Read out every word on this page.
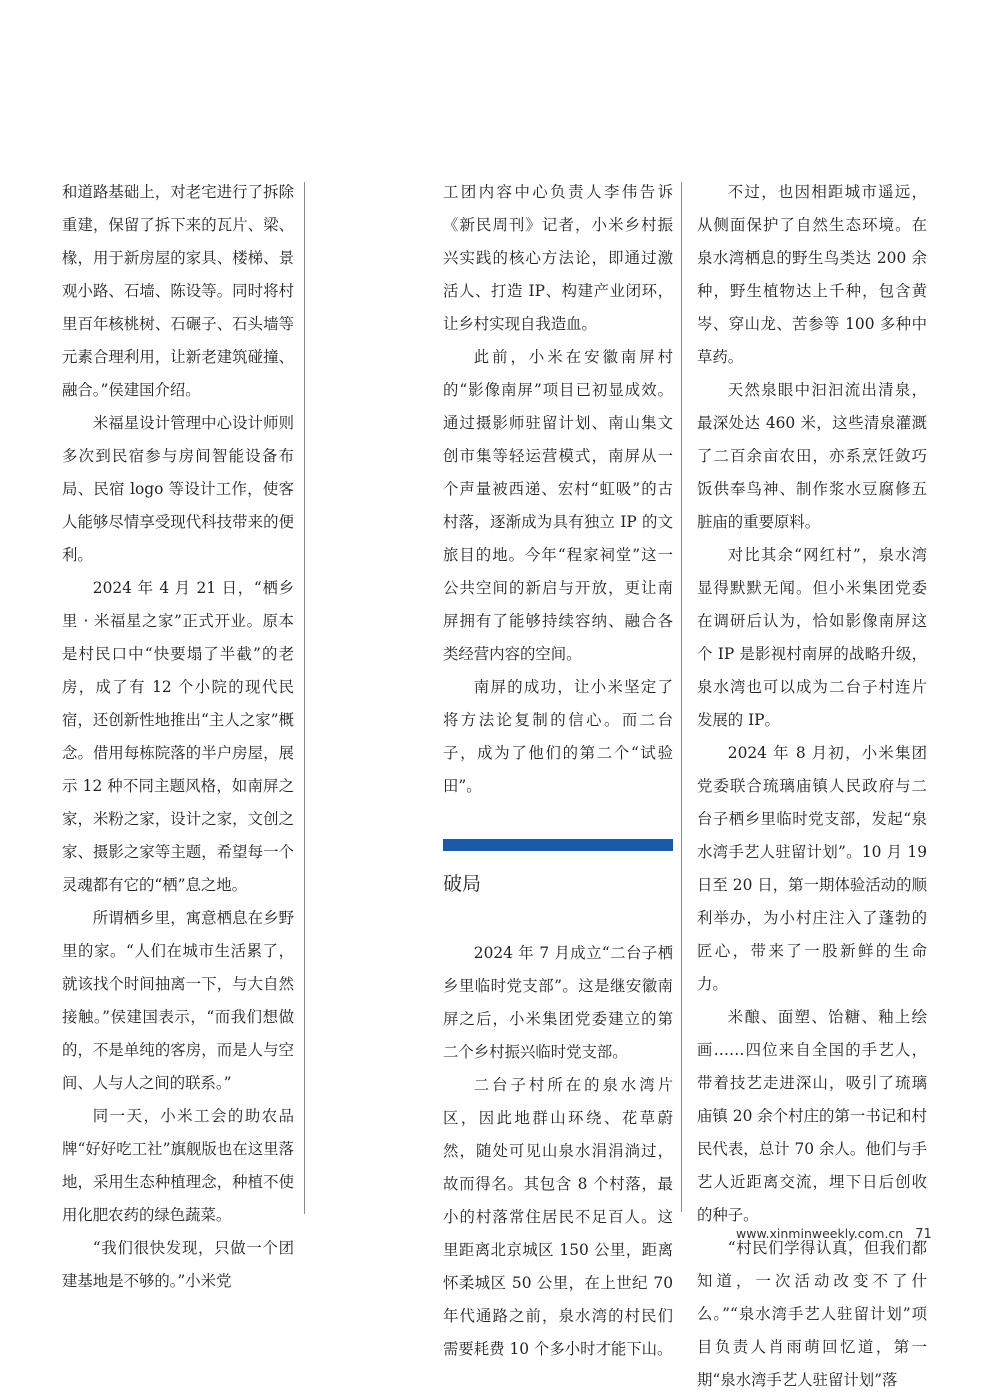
和道路基础上，对老宅进行了拆除重建，保留了拆下来的瓦片、梁、椽，用于新房屋的家具、楼梯、景观小路、石墙、陈设等。同时将村里百年核桃树、石碾子、石头墙等元素合理利用，让新老建筑碰撞、融合。”侯建国介绍。

米福星设计管理中心设计师则多次到民宿参与房间智能设备布局、民宿 logo 等设计工作，使客人能够尽情享受现代科技带来的便利。

2024 年 4 月 21 日，“栖乡里 · 米福星之家”正式开业。原本是村民口中“快要塌了半截”的老房，成了有 12 个小院的现代民宿，还创新性地推出“主人之家”概念。借用每栋院落的半户房屋，展示 12 种不同主题风格，如南屏之家，米粉之家，设计之家，文创之家、摄影之家等主题，希望每一个灵魂都有它的“栖”息之地。

所谓栖乡里，寓意栖息在乡野里的家。“人们在城市生活累了，就该找个时间抽离一下，与大自然接触。”侯建国表示，“而我们想做的，不是单纯的客房，而是人与空间、人与人之间的联系。”

同一天，小米工会的助农品牌“好好吃工社”旗舰版也在这里落地，采用生态种植理念，种植不使用化肥农药的绿色蔬菜。

“我们很快发现，只做一个团建基地是不够的。”小米党

工团内容中心负责人李伟告诉《新民周刊》记者，小米乡村振兴实践的核心方法论，即通过激活人、打造 IP、构建产业闭环，让乡村实现自我造血。

此前，小米在安徽南屏村的“影像南屏”项目已初显成效。通过摄影师驻留计划、南山集文创市集等轻运营模式，南屏从一个声量被西递、宏村“虹吸”的古村落，逐渐成为具有独立 IP 的文旅目的地。今年“程家祠堂”这一公共空间的新启与开放，更让南屏拥有了能够持续容纳、融合各类经营内容的空间。

南屏的成功，让小米坚定了将方法论复制的信心。而二台子，成为了他们的第二个“试验田”。

破局

2024 年 7 月成立“二台子栖乡里临时党支部”。这是继安徽南屏之后，小米集团党委建立的第二个乡村振兴临时党支部。

二台子村所在的泉水湾片区，因此地群山环绕、花草蔚然，随处可见山泉水涓涓淌过，故而得名。其包含 8 个村落，最小的村落常住居民不足百人。这里距离北京城区 150 公里，距离怀柔城区 50 公里，在上世纪 70 年代通路之前，泉水湾的村民们需要耗费 10 个多小时才能下山。

不过，也因相距城市遥远，从侧面保护了自然生态环境。在泉水湾栖息的野生鸟类达 200 余种，野生植物达上千种，包含黄岑、穿山龙、苦参等 100 多种中草药。

天然泉眼中汩汩流出清泉，最深处达 460 米，这些清泉灌溉了二百余亩农田，亦系烹饪敛巧饭供奉鸟神、制作浆水豆腐修五脏庙的重要原料。

对比其余“网红村”，泉水湾显得默默无闻。但小米集团党委在调研后认为，恰如影像南屏这个 IP 是影视村南屏的战略升级，泉水湾也可以成为二台子村连片发展的 IP。

2024 年 8 月初，小米集团党委联合琉璃庙镇人民政府与二台子栖乡里临时党支部，发起“泉水湾手艺人驻留计划”。10 月 19 日至 20 日，第一期体验活动的顺利举办，为小村庄注入了蓬勃的匠心，带来了一股新鲜的生命力。

米酿、面塑、饴糖、釉上绘画……四位来自全国的手艺人，带着技艺走进深山，吸引了琉璃庙镇 20 余个村庄的第一书记和村民代表，总计 70 余人。他们与手艺人近距离交流，埋下日后创收的种子。

“村民们学得认真，但我们都知道，一次活动改变不了什么。”“泉水湾手艺人驻留计划”项目负责人肖雨萌回忆道，第一期“泉水湾手艺人驻留计划”落

www.xinminweekly.com.cn 71
